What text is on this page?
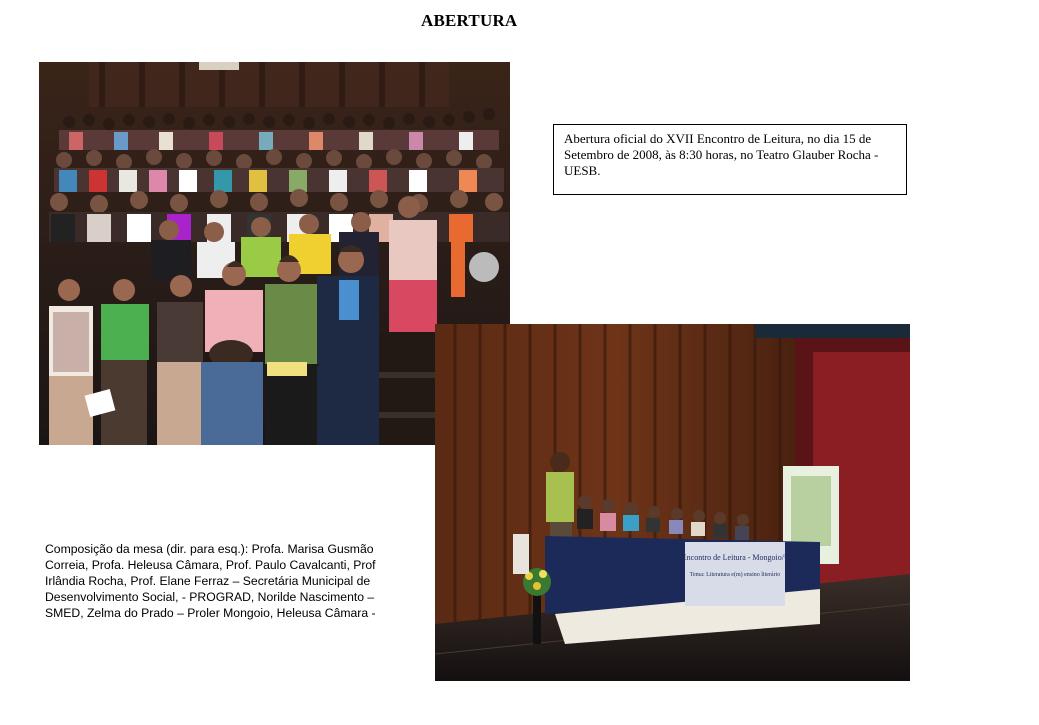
ABERTURA
XVI Encontro de Leitura - Mongoio/UESB
Tema: Literatura e(m) ensino literário
Abertura oficial do XVII Encontro de Leitura, no dia 15 de Setembro de 2008, às 8:30 horas, no Teatro Glauber Rocha - UESB.
Composição da mesa (dir. para esq.): Profa. Marisa Gusmão Correia, Profa. Heleusa Câmara, Prof. Paulo Cavalcanti, Prof Irlândia Rocha, Prof. Elane Ferraz – Secretária Municipal de Desenvolvimento Social, - PROGRAD, Norilde Nascimento – SMED, Zelma do Prado – Proler Mongoio, Heleusa Câmara -
